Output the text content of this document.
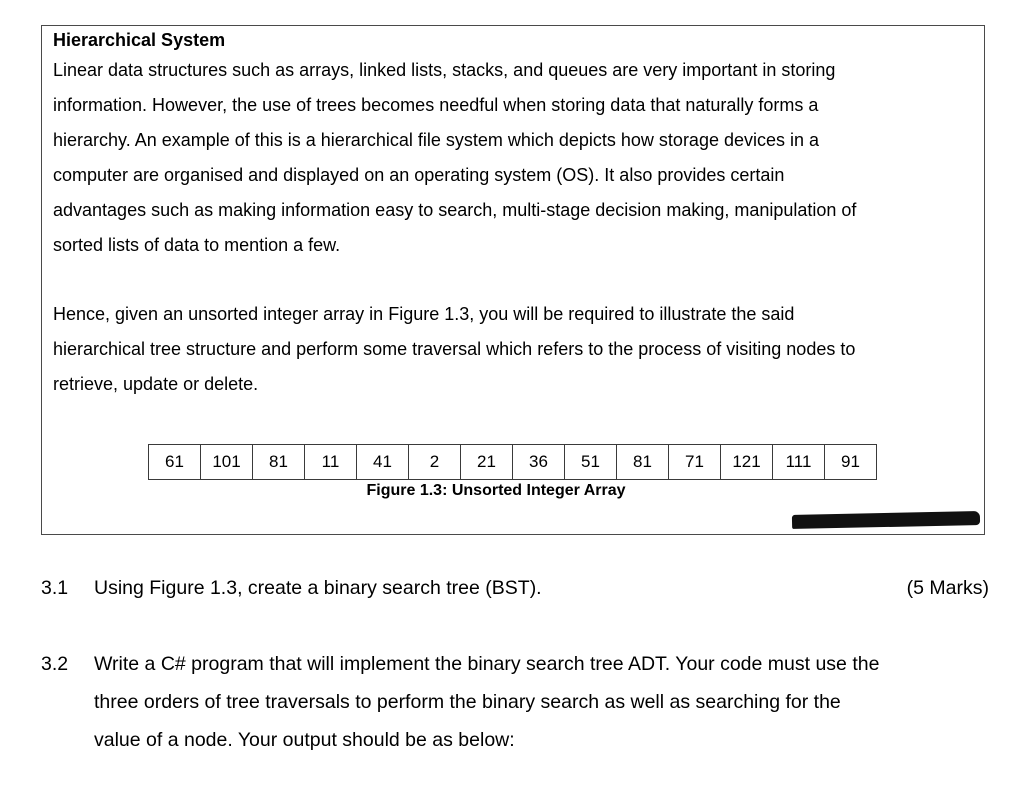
Hierarchical System
Linear data structures such as arrays, linked lists, stacks, and queues are very important in storing
information. However, the use of trees becomes needful when storing data that naturally forms a
hierarchy. An example of this is a hierarchical file system which depicts how storage devices in a
computer are organised and displayed on an operating system (OS). It also provides certain
advantages such as making information easy to search, multi-stage decision making, manipulation of
sorted lists of data to mention a few.
Hence, given an unsorted integer array in Figure 1.3, you will be required to illustrate the said
hierarchical tree structure and perform some traversal which refers to the process of visiting nodes to
retrieve, update or delete.
61	101	81	11	41	2	21	36	51	81	71	121	111	91
Figure 1.3: Unsorted Integer Array
3.1 Using Figure 1.3, create a binary search tree (BST).	(5 Marks)
3.2 Write a C# program that will implement the binary search tree ADT. Your code must use the
three orders of tree traversals to perform the binary search as well as searching for the
value of a node. Your output should be as below:
